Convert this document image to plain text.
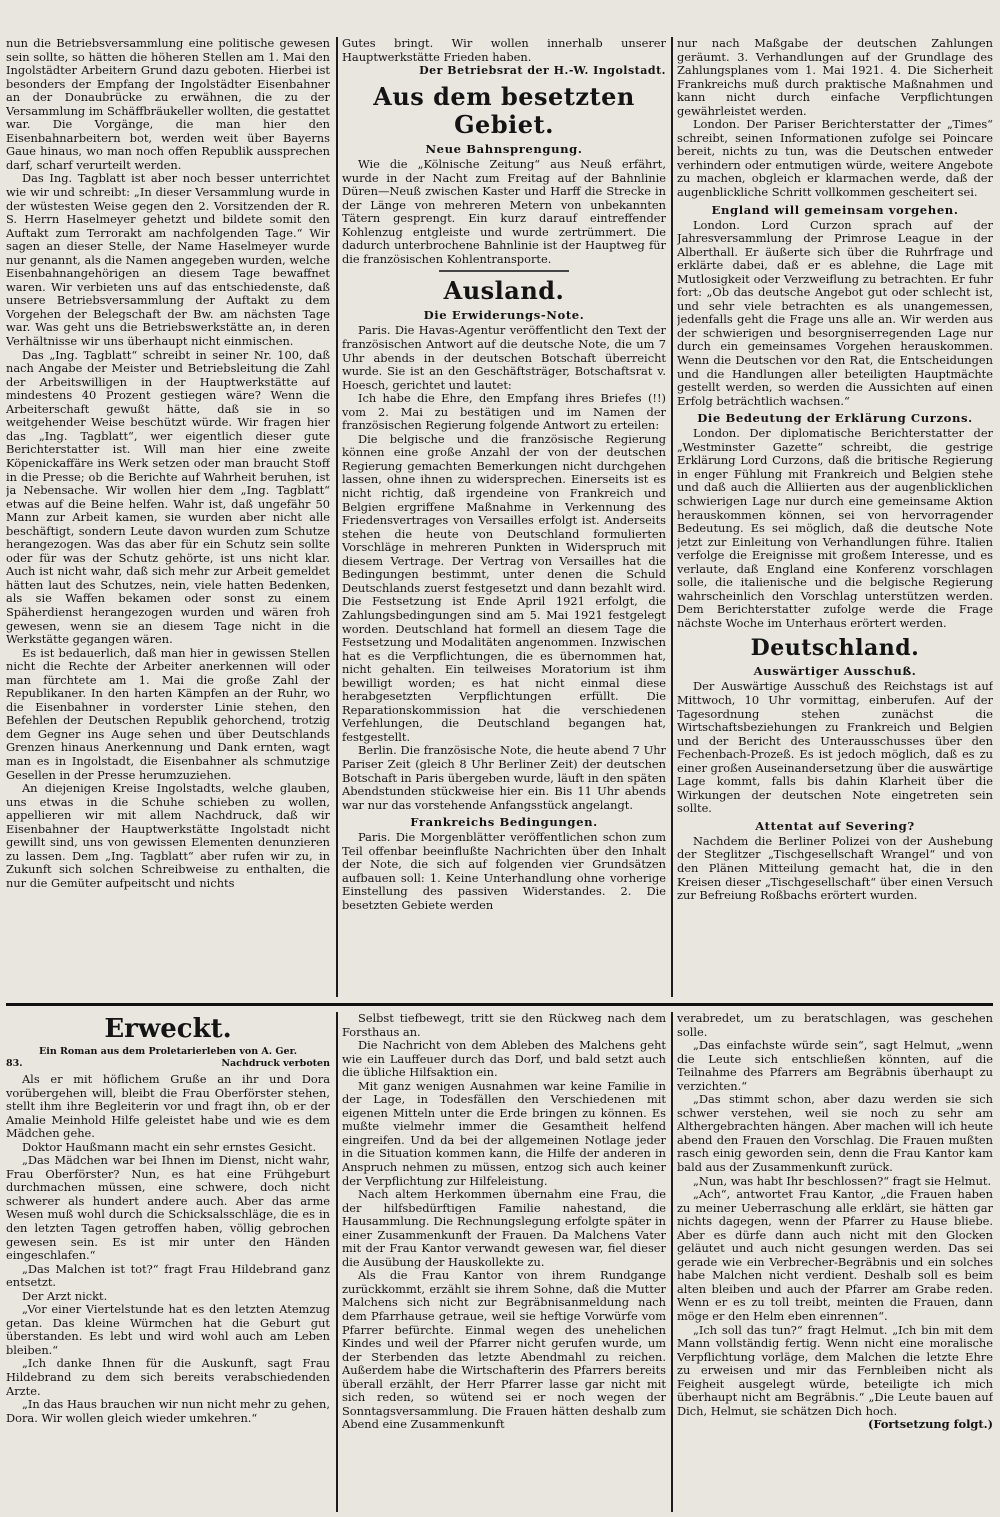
nun die Betriebsversammlung eine politische gewesen sein sollte, so hätten die höheren Stellen am 1. Mai den Ingolstädter Arbeitern Grund dazu geboten. Hierbei ist besonders der Empfang der Ingolstädter Eisenbahner an der Donaubrücke zu erwähnen, die zu der Versammlung im Schäffbräukeller wollten, die gestattet war. Die Vorgänge, die man hier den Eisenbahnarbeitern bot, werden weit über Bayerns Gaue hinaus, wo man noch offen Republik aussprechen darf, scharf verurteilt werden.

Das Ing. Tagblatt ist aber noch besser unterrichtet wie wir und schreibt: „In dieser Versammlung wurde in der wüstesten Weise gegen den 2. Vorsitzenden der R. S. Herrn Haselmeyer gehetzt und bildete somit den Auftakt zum Terrorakt am nachfolgenden Tage.“ Wir sagen an dieser Stelle, der Name Haselmeyer wurde nur genannt, als die Namen angegeben wurden, welche Eisenbahnangehörigen an diesem Tage bewaffnet waren. Wir verbieten uns auf das entschiedenste, daß unsere Betriebsversammlung der Auftakt zu dem Vorgehen der Belegschaft der Bw. am nächsten Tage war. Was geht uns die Betriebswerkstätte an, in deren Verhältnisse wir uns überhaupt nicht einmischen.

Das „Ing. Tagblatt“ schreibt in seiner Nr. 100, daß nach Angabe der Meister und Betriebsleitung die Zahl der Arbeitswilligen in der Hauptwerkstätte auf mindestens 40 Prozent gestiegen wäre? Wenn die Arbeiterschaft gewußt hätte, daß sie in so weitgehender Weise beschützt würde. Wir fragen hier das „Ing. Tagblatt“, wer eigentlich dieser gute Berichterstatter ist. Will man hier eine zweite Köpenickaffäre ins Werk setzen oder man braucht Stoff in die Presse; ob die Berichte auf Wahrheit beruhen, ist ja Nebensache. Wir wollen hier dem „Ing. Tagblatt“ etwas auf die Beine helfen. Wahr ist, daß ungefähr 50 Mann zur Arbeit kamen, sie wurden aber nicht alle beschäftigt, sondern Leute davon wurden zum Schutze herangezogen. Was das aber für ein Schutz sein sollte oder für was der Schutz gehörte, ist uns nicht klar. Auch ist nicht wahr, daß sich mehr zur Arbeit gemeldet hätten laut des Schutzes, nein, viele hatten Bedenken, als sie Waffen bekamen oder sonst zu einem Späherdienst herangezogen wurden und wären froh gewesen, wenn sie an diesem Tage nicht in die Werkstätte gegangen wären.

Es ist bedauerlich, daß man hier in gewissen Stellen nicht die Rechte der Arbeiter anerkennen will oder man fürchtete am 1. Mai die große Zahl der Republikaner. In den harten Kämpfen an der Ruhr, wo die Eisenbahner in vorderster Linie stehen, den Befehlen der Deutschen Republik gehorchend, trotzig dem Gegner ins Auge sehen und über Deutschlands Grenzen hinaus Anerkennung und Dank ernten, wagt man es in Ingolstadt, die Eisenbahner als schmutzige Gesellen in der Presse herumzuziehen.

An diejenigen Kreise Ingolstadts, welche glauben, uns etwas in die Schuhe schieben zu wollen, appellieren wir mit allem Nachdruck, daß wir Eisenbahner der Hauptwerkstätte Ingolstadt nicht gewillt sind, uns von gewissen Elementen denunzieren zu lassen. Dem „Ing. Tagblatt“ aber rufen wir zu, in Zukunft sich solchen Schreibweise zu enthalten, die nur die Gemüter aufpeitscht und nichts

Gutes bringt. Wir wollen innerhalb unserer Hauptwerkstätte Frieden haben.

Der Betriebsrat der H.-W. Ingolstadt.
Aus dem besetzten Gebiet.
Neue Bahnsprengung.

Wie die „Kölnische Zeitung“ aus Neuß erfährt, wurde in der Nacht zum Freitag auf der Bahnlinie Düren—Neuß zwischen Kaster und Harff die Strecke in der Länge von mehreren Metern von unbekannten Tätern gesprengt. Ein kurz darauf eintreffender Kohlenzug entgleiste und wurde zertrümmert. Die dadurch unterbrochene Bahnlinie ist der Hauptweg für die französischen Kohlentransporte.

Ausland.
Die Erwiderungs-Note.

Paris. Die Havas-Agentur veröffentlicht den Text der französischen Antwort auf die deutsche Note, die um 7 Uhr abends in der deutschen Botschaft überreicht wurde. Sie ist an den Geschäftsträger, Botschaftsrat v. Hoesch, gerichtet und lautet:

Ich habe die Ehre, den Empfang ihres Briefes (!!) vom 2. Mai zu bestätigen und im Namen der französischen Regierung folgende Antwort zu erteilen:

Die belgische und die französische Regierung können eine große Anzahl der von der deutschen Regierung gemachten Bemerkungen nicht durchgehen lassen, ohne ihnen zu widersprechen. Einerseits ist es nicht richtig, daß irgendeine von Frankreich und Belgien ergriffene Maßnahme in Verkennung des Friedensvertrages von Versailles erfolgt ist. Anderseits stehen die heute von Deutschland formulierten Vorschläge in mehreren Punkten in Widerspruch mit diesem Vertrage. Der Vertrag von Versailles hat die Bedingungen bestimmt, unter denen die Schuld Deutschlands zuerst festgesetzt und dann bezahlt wird. Die Festsetzung ist Ende April 1921 erfolgt, die Zahlungsbedingungen sind am 5. Mai 1921 festgelegt worden. Deutschland hat formell an diesem Tage die Festsetzung und Modalitäten angenommen. Inzwischen hat es die Verpflichtungen, die es übernommen hat, nicht gehalten. Ein teilweises Moratorium ist ihm bewilligt worden; es hat nicht einmal diese herabgesetzten Verpflichtungen erfüllt. Die Reparationskommission hat die verschiedenen Verfehlungen, die Deutschland begangen hat, festgestellt.

Berlin. Die französische Note, die heute abend 7 Uhr Pariser Zeit (gleich 8 Uhr Berliner Zeit) der deutschen Botschaft in Paris übergeben wurde, läuft in den späten Abendstunden stückweise hier ein. Bis 11 Uhr abends war nur das vorstehende Anfangsstück angelangt.

Frankreichs Bedingungen.

Paris. Die Morgenblätter veröffentlichen schon zum Teil offenbar beeinflußte Nachrichten über den Inhalt der Note, die sich auf folgenden vier Grundsätzen aufbauen soll: 1. Keine Unterhandlung ohne vorherige Einstellung des passiven Widerstandes. 2. Die besetzten Gebiete werden

nur nach Maßgabe der deutschen Zahlungen geräumt. 3. Verhandlungen auf der Grundlage des Zahlungsplanes vom 1. Mai 1921. 4. Die Sicherheit Frankreichs muß durch praktische Maßnahmen und kann nicht durch einfache Verpflichtungen gewährleistet werden.

London. Der Pariser Berichterstatter der „Times“ schreibt, seinen Informationen zufolge sei Poincare bereit, nichts zu tun, was die Deutschen entweder verhindern oder entmutigen würde, weitere Angebote zu machen, obgleich er klarmachen werde, daß der augenblickliche Schritt vollkommen gescheitert sei.

England will gemeinsam vorgehen.

London. Lord Curzon sprach auf der Jahresversammlung der Primrose League in der Alberthall. Er äußerte sich über die Ruhrfrage und erklärte dabei, daß er es ablehne, die Lage mit Mutlosigkeit oder Verzweiflung zu betrachten. Er fuhr fort: „Ob das deutsche Angebot gut oder schlecht ist, und sehr viele betrachten es als unangemessen, jedenfalls geht die Frage uns alle an. Wir werden aus der schwierigen und besorgniserregenden Lage nur durch ein gemeinsames Vorgehen herauskommen. Wenn die Deutschen vor den Rat, die Entscheidungen und die Handlungen aller beteiligten Hauptmächte gestellt werden, so werden die Aussichten auf einen Erfolg beträchtlich wachsen.“

Die Bedeutung der Erklärung Curzons.

London. Der diplomatische Berichterstatter der „Westminster Gazette“ schreibt, die gestrige Erklärung Lord Curzons, daß die britische Regierung in enger Fühlung mit Frankreich und Belgien stehe und daß auch die Alliierten aus der augenblicklichen schwierigen Lage nur durch eine gemeinsame Aktion herauskommen können, sei von hervorragender Bedeutung. Es sei möglich, daß die deutsche Note jetzt zur Einleitung von Verhandlungen führe. Italien verfolge die Ereignisse mit großem Interesse, und es verlaute, daß England eine Konferenz vorschlagen solle, die italienische und die belgische Regierung wahrscheinlich den Vorschlag unterstützen werden. Dem Berichterstatter zufolge werde die Frage nächste Woche im Unterhaus erörtert werden.

Deutschland.
Auswärtiger Ausschuß.

Der Auswärtige Ausschuß des Reichstags ist auf Mittwoch, 10 Uhr vormittag, einberufen. Auf der Tagesordnung stehen zunächst die Wirtschaftsbeziehungen zu Frankreich und Belgien und der Bericht des Unterausschusses über den Fechenbach-Prozeß. Es ist jedoch möglich, daß es zu einer großen Auseinandersetzung über die auswärtige Lage kommt, falls bis dahin Klarheit über die Wirkungen der deutschen Note eingetreten sein sollte.

Attentat auf Severing?

Nachdem die Berliner Polizei von der Aushebung der Steglitzer „Tischgesellschaft Wrangel“ und von den Plänen Mitteilung gemacht hat, die in den Kreisen dieser „Tischgesellschaft“ über einen Versuch zur Befreiung Roßbachs erörtert wurden.

Erweckt.
Ein Roman aus dem Proletarierleben von A. Ger.
83.	Nachdruck verboten

Als er mit höflichem Gruße an ihr und Dora vorübergehen will, bleibt die Frau Oberförster stehen, stellt ihm ihre Begleiterin vor und fragt ihn, ob er der Amalie Meinhold Hilfe geleistet habe und wie es dem Mädchen gehe.

Doktor Haußmann macht ein sehr ernstes Gesicht.

„Das Mädchen war bei Ihnen im Dienst, nicht wahr, Frau Oberförster? Nun, es hat eine Frühgeburt durchmachen müssen, eine schwere, doch nicht schwerer als hundert andere auch. Aber das arme Wesen muß wohl durch die Schicksalsschläge, die es in den letzten Tagen getroffen haben, völlig gebrochen gewesen sein. Es ist mir unter den Händen eingeschlafen.“

„Das Malchen ist tot?“ fragt Frau Hildebrand ganz entsetzt.

Der Arzt nickt.

„Vor einer Viertelstunde hat es den letzten Atemzug getan. Das kleine Würmchen hat die Geburt gut überstanden. Es lebt und wird wohl auch am Leben bleiben.“

„Ich danke Ihnen für die Auskunft, sagt Frau Hildebrand zu dem sich bereits verabschiedenden Arzte.

„In das Haus brauchen wir nun nicht mehr zu gehen, Dora. Wir wollen gleich wieder umkehren.“

Selbst tiefbewegt, tritt sie den Rückweg nach dem Forsthaus an.

Die Nachricht von dem Ableben des Malchens geht wie ein Lauffeuer durch das Dorf, und bald setzt auch die übliche Hilfsaktion ein.

Mit ganz wenigen Ausnahmen war keine Familie in der Lage, in Todesfällen den Verschiedenen mit eigenen Mitteln unter die Erde bringen zu können. Es mußte vielmehr immer die Gesamtheit helfend eingreifen. Und da bei der allgemeinen Notlage jeder in die Situation kommen kann, die Hilfe der anderen in Anspruch nehmen zu müssen, entzog sich auch keiner der Verpflichtung zur Hilfeleistung.

Nach altem Herkommen übernahm eine Frau, die der hilfsbedürftigen Familie nahestand, die Hausammlung. Die Rechnungslegung erfolgte später in einer Zusammenkunft der Frauen. Da Malchens Vater mit der Frau Kantor verwandt gewesen war, fiel dieser die Ausübung der Hauskollekte zu.

Als die Frau Kantor von ihrem Rundgange zurückkommt, erzählt sie ihrem Sohne, daß die Mutter Malchens sich nicht zur Begräbnisanmeldung nach dem Pfarrhause getraue, weil sie heftige Vorwürfe vom Pfarrer befürchte. Einmal wegen des unehelichen Kindes und weil der Pfarrer nicht gerufen wurde, um der Sterbenden das letzte Abendmahl zu reichen. Außerdem habe die Wirtschafterin des Pfarrers bereits überall erzählt, der Herr Pfarrer lasse gar nicht mit sich reden, so wütend sei er noch wegen der Sonntagsversammlung. Die Frauen hätten deshalb zum Abend eine Zusammenkunft

verabredet, um zu beratschlagen, was geschehen solle.

„Das einfachste würde sein“, sagt Helmut, „wenn die Leute sich entschließen könnten, auf die Teilnahme des Pfarrers am Begräbnis überhaupt zu verzichten.“

„Das stimmt schon, aber dazu werden sie sich schwer verstehen, weil sie noch zu sehr am Althergebrachten hängen. Aber machen will ich heute abend den Frauen den Vorschlag. Die Frauen mußten rasch einig geworden sein, denn die Frau Kantor kam bald aus der Zusammenkunft zurück.

„Nun, was habt Ihr beschlossen?“ fragt sie Helmut.

„Ach“, antwortet Frau Kantor, „die Frauen haben zu meiner Ueberraschung alle erklärt, sie hätten gar nichts dagegen, wenn der Pfarrer zu Hause bliebe. Aber es dürfe dann auch nicht mit den Glocken geläutet und auch nicht gesungen werden. Das sei gerade wie ein Verbrecher-Begräbnis und ein solches habe Malchen nicht verdient. Deshalb soll es beim alten bleiben und auch der Pfarrer am Grabe reden. Wenn er es zu toll treibt, meinten die Frauen, dann möge er den Helm eben einrennen“.

„Ich soll das tun?“ fragt Helmut. „Ich bin mit dem Mann vollständig fertig. Wenn nicht eine moralische Verpflichtung vorläge, dem Malchen die letzte Ehre zu erweisen und mir das Fernbleiben nicht als Feigheit ausgelegt würde, beteiligte ich mich überhaupt nicht am Begräbnis.“ „Die Leute bauen auf Dich, Helmut, sie schätzen Dich hoch.

(Fortsetzung folgt.)
